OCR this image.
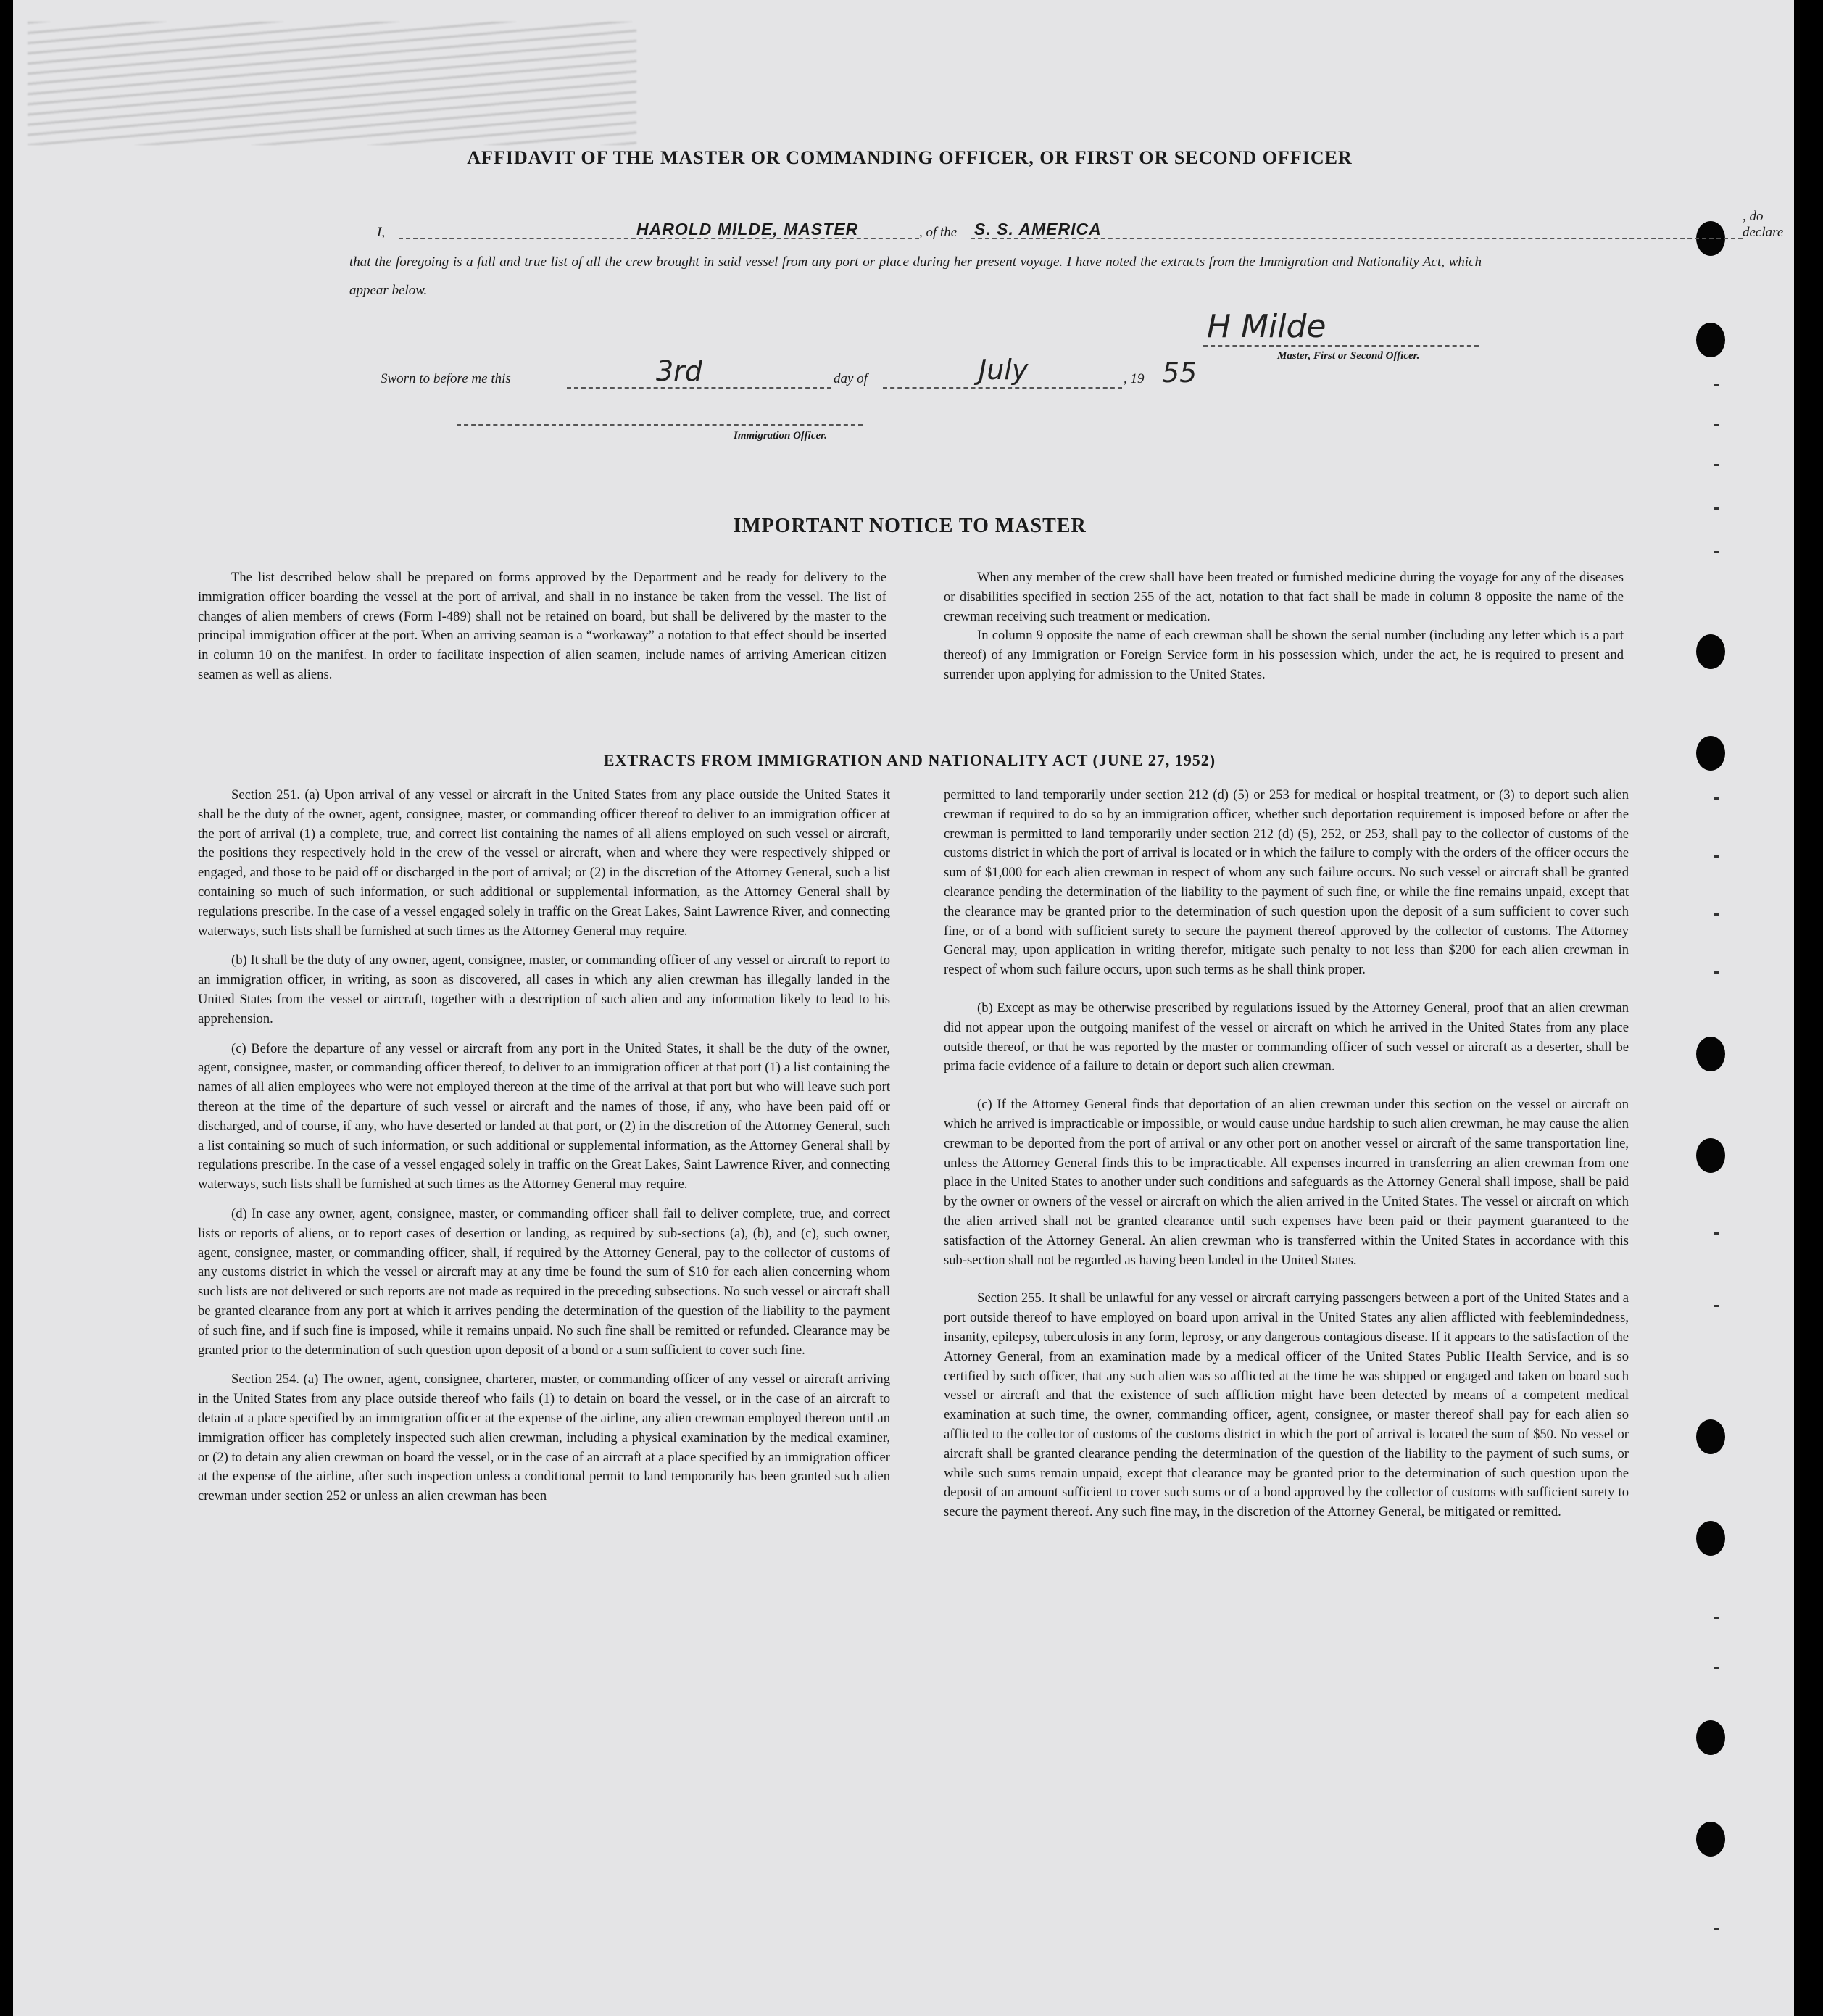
AFFIDAVIT OF THE MASTER OR COMMANDING OFFICER, OR FIRST OR SECOND OFFICER
I,	HAROLD MILDE, MASTER	, of the S. S. AMERICA
, do declare

that the foregoing is a full and true list of all the crew brought in said vessel from any port or place during her present voyage. I have noted the extracts from the Immigration and Nationality Act, which appear below.

H Milde
Master, First or Second Officer.
Sworn to before me this	3rd	day of	July	, 19 55
Immigration Officer.
IMPORTANT NOTICE TO MASTER

The list described below shall be prepared on forms approved by the Department and be ready for delivery to the immigration officer boarding the vessel at the port of arrival, and shall in no instance be taken from the vessel. The list of changes of alien members of crews (Form I-489) shall not be retained on board, but shall be delivered by the master to the principal immigration officer at the port. When an arriving seaman is a “workaway” a notation to that effect should be inserted in column 10 on the manifest. In order to facilitate inspection of alien seamen, include names of arriving American citizen seamen as well as aliens.

When any member of the crew shall have been treated or furnished medicine during the voyage for any of the diseases or disabilities specified in section 255 of the act, notation to that fact shall be made in column 8 opposite the name of the crewman receiving such treatment or medication.

In column 9 opposite the name of each crewman shall be shown the serial number (including any letter which is a part thereof) of any Immigration or Foreign Service form in his possession which, under the act, he is required to present and surrender upon applying for admission to the United States.

EXTRACTS FROM IMMIGRATION AND NATIONALITY ACT (JUNE 27, 1952)

Section 251. (a) Upon arrival of any vessel or aircraft in the United States from any place outside the United States it shall be the duty of the owner, agent, consignee, master, or commanding officer thereof to deliver to an immigration officer at the port of arrival (1) a complete, true, and correct list containing the names of all aliens employed on such vessel or aircraft, the positions they respectively hold in the crew of the vessel or aircraft, when and where they were respectively shipped or engaged, and those to be paid off or discharged in the port of arrival; or (2) in the discretion of the Attorney General, such a list containing so much of such information, or such additional or supplemental information, as the Attorney General shall by regulations prescribe. In the case of a vessel engaged solely in traffic on the Great Lakes, Saint Lawrence River, and connecting waterways, such lists shall be furnished at such times as the Attorney General may require.

(b) It shall be the duty of any owner, agent, consignee, master, or commanding officer of any vessel or aircraft to report to an immigration officer, in writing, as soon as discovered, all cases in which any alien crewman has illegally landed in the United States from the vessel or aircraft, together with a description of such alien and any information likely to lead to his apprehension.

(c) Before the departure of any vessel or aircraft from any port in the United States, it shall be the duty of the owner, agent, consignee, master, or commanding officer thereof, to deliver to an immigration officer at that port (1) a list containing the names of all alien employees who were not employed thereon at the time of the arrival at that port but who will leave such port thereon at the time of the departure of such vessel or aircraft and the names of those, if any, who have been paid off or discharged, and of course, if any, who have deserted or landed at that port, or (2) in the discretion of the Attorney General, such a list containing so much of such information, or such additional or supplemental information, as the Attorney General shall by regulations prescribe. In the case of a vessel engaged solely in traffic on the Great Lakes, Saint Lawrence River, and connecting waterways, such lists shall be furnished at such times as the Attorney General may require.

(d) In case any owner, agent, consignee, master, or commanding officer shall fail to deliver complete, true, and correct lists or reports of aliens, or to report cases of desertion or landing, as required by sub-sections (a), (b), and (c), such owner, agent, consignee, master, or commanding officer, shall, if required by the Attorney General, pay to the collector of customs of any customs district in which the vessel or aircraft may at any time be found the sum of $10 for each alien concerning whom such lists are not delivered or such reports are not made as required in the preceding subsections. No such vessel or aircraft shall be granted clearance from any port at which it arrives pending the determination of the question of the liability to the payment of such fine, and if such fine is imposed, while it remains unpaid. No such fine shall be remitted or refunded. Clearance may be granted prior to the determination of such question upon deposit of a bond or a sum sufficient to cover such fine.

Section 254. (a) The owner, agent, consignee, charterer, master, or commanding officer of any vessel or aircraft arriving in the United States from any place outside thereof who fails (1) to detain on board the vessel, or in the case of an aircraft to detain at a place specified by an immigration officer at the expense of the airline, any alien crewman employed thereon until an immigration officer has completely inspected such alien crewman, including a physical examination by the medical examiner, or (2) to detain any alien crewman on board the vessel, or in the case of an aircraft at a place specified by an immigration officer at the expense of the airline, after such inspection unless a conditional permit to land temporarily has been granted such alien crewman under section 252 or unless an alien crewman has been

permitted to land temporarily under section 212 (d) (5) or 253 for medical or hospital treatment, or (3) to deport such alien crewman if required to do so by an immigration officer, whether such deportation requirement is imposed before or after the crewman is permitted to land temporarily under section 212 (d) (5), 252, or 253, shall pay to the collector of customs of the customs district in which the port of arrival is located or in which the failure to comply with the orders of the officer occurs the sum of $1,000 for each alien crewman in respect of whom any such failure occurs. No such vessel or aircraft shall be granted clearance pending the determination of the liability to the payment of such fine, or while the fine remains unpaid, except that the clearance may be granted prior to the determination of such question upon the deposit of a sum sufficient to cover such fine, or of a bond with sufficient surety to secure the payment thereof approved by the collector of customs. The Attorney General may, upon application in writing therefor, mitigate such penalty to not less than $200 for each alien crewman in respect of whom such failure occurs, upon such terms as he shall think proper.

(b) Except as may be otherwise prescribed by regulations issued by the Attorney General, proof that an alien crewman did not appear upon the outgoing manifest of the vessel or aircraft on which he arrived in the United States from any place outside thereof, or that he was reported by the master or commanding officer of such vessel or aircraft as a deserter, shall be prima facie evidence of a failure to detain or deport such alien crewman.

(c) If the Attorney General finds that deportation of an alien crewman under this section on the vessel or aircraft on which he arrived is impracticable or impossible, or would cause undue hardship to such alien crewman, he may cause the alien crewman to be deported from the port of arrival or any other port on another vessel or aircraft of the same transportation line, unless the Attorney General finds this to be impracticable. All expenses incurred in transferring an alien crewman from one place in the United States to another under such conditions and safeguards as the Attorney General shall impose, shall be paid by the owner or owners of the vessel or aircraft on which the alien arrived in the United States. The vessel or aircraft on which the alien arrived shall not be granted clearance until such expenses have been paid or their payment guaranteed to the satisfaction of the Attorney General. An alien crewman who is transferred within the United States in accordance with this sub-section shall not be regarded as having been landed in the United States.

Section 255. It shall be unlawful for any vessel or aircraft carrying passengers between a port of the United States and a port outside thereof to have employed on board upon arrival in the United States any alien afflicted with feeblemindedness, insanity, epilepsy, tuberculosis in any form, leprosy, or any dangerous contagious disease. If it appears to the satisfaction of the Attorney General, from an examination made by a medical officer of the United States Public Health Service, and is so certified by such officer, that any such alien was so afflicted at the time he was shipped or engaged and taken on board such vessel or aircraft and that the existence of such affliction might have been detected by means of a competent medical examination at such time, the owner, commanding officer, agent, consignee, or master thereof shall pay for each alien so afflicted to the collector of customs of the customs district in which the port of arrival is located the sum of $50. No vessel or aircraft shall be granted clearance pending the determination of the question of the liability to the payment of such sums, or while such sums remain unpaid, except that clearance may be granted prior to the determination of such question upon the deposit of an amount sufficient to cover such sums or of a bond approved by the collector of customs with sufficient surety to secure the payment thereof. Any such fine may, in the discretion of the Attorney General, be mitigated or remitted.
